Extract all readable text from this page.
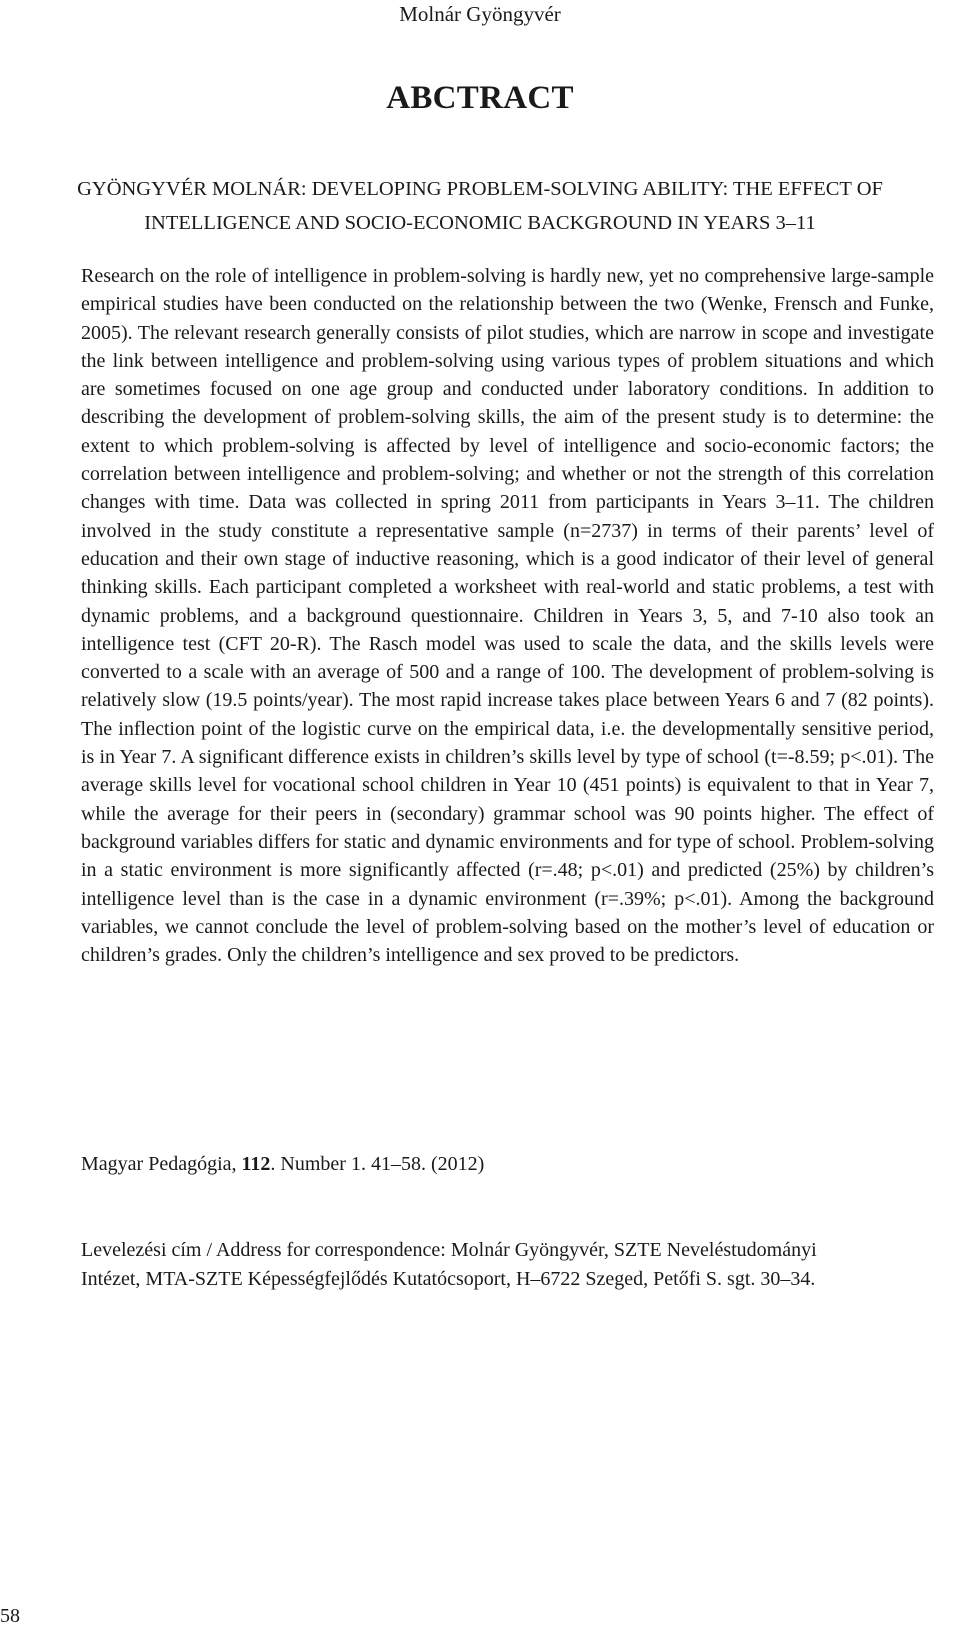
Molnár Gyöngyvér
ABCTRACT
GYÖNGYVÉR MOLNÁR: DEVELOPING PROBLEM-SOLVING ABILITY: THE EFFECT OF
INTELLIGENCE AND SOCIO-ECONOMIC BACKGROUND IN YEARS 3–11

Research on the role of intelligence in problem-solving is hardly new, yet no comprehensive large-sample empirical studies have been conducted on the relationship between the two (Wenke, Frensch and Funke, 2005). The relevant research generally consists of pilot studies, which are narrow in scope and investigate the link between intelligence and problem-solving using various types of problem situations and which are sometimes focused on one age group and conducted under laboratory conditions. In addition to describing the development of problem-solving skills, the aim of the present study is to determine: the extent to which problem-solving is affected by level of intelligence and socio-economic factors; the correlation between intelligence and problem-solving; and whether or not the strength of this correlation changes with time. Data was collected in spring 2011 from participants in Years 3–11. The children involved in the study constitute a representative sample (n=2737) in terms of their parents’ level of education and their own stage of inductive reasoning, which is a good indicator of their level of general thinking skills. Each participant completed a worksheet with real-world and static problems, a test with dynamic problems, and a background questionnaire. Children in Years 3, 5, and 7-10 also took an intelligence test (CFT 20-R). The Rasch model was used to scale the data, and the skills levels were converted to a scale with an average of 500 and a range of 100. The development of problem-solving is relatively slow (19.5 points/year). The most rapid increase takes place between Years 6 and 7 (82 points). The inflection point of the logistic curve on the empirical data, i.e. the developmentally sensitive period, is in Year 7. A significant difference exists in children’s skills level by type of school (t=-8.59; p<.01). The average skills level for vocational school children in Year 10 (451 points) is equivalent to that in Year 7, while the average for their peers in (secondary) grammar school was 90 points higher. The effect of background variables differs for static and dynamic environments and for type of school. Problem-solving in a static environment is more significantly affected (r=.48; p<.01) and predicted (25%) by children’s intelligence level than is the case in a dynamic environment (r=.39%; p<.01). Among the background variables, we cannot conclude the level of problem-solving based on the mother’s level of education or children’s grades. Only the children’s intelligence and sex proved to be predictors.

Magyar Pedagógia, 112. Number 1. 41–58. (2012)
Levelezési cím / Address for correspondence: Molnár Gyöngyvér, SZTE Neveléstudományi
Intézet, MTA-SZTE Képességfejlődés Kutatócsoport, H–6722 Szeged, Petőfi S. sgt. 30–34.
58
